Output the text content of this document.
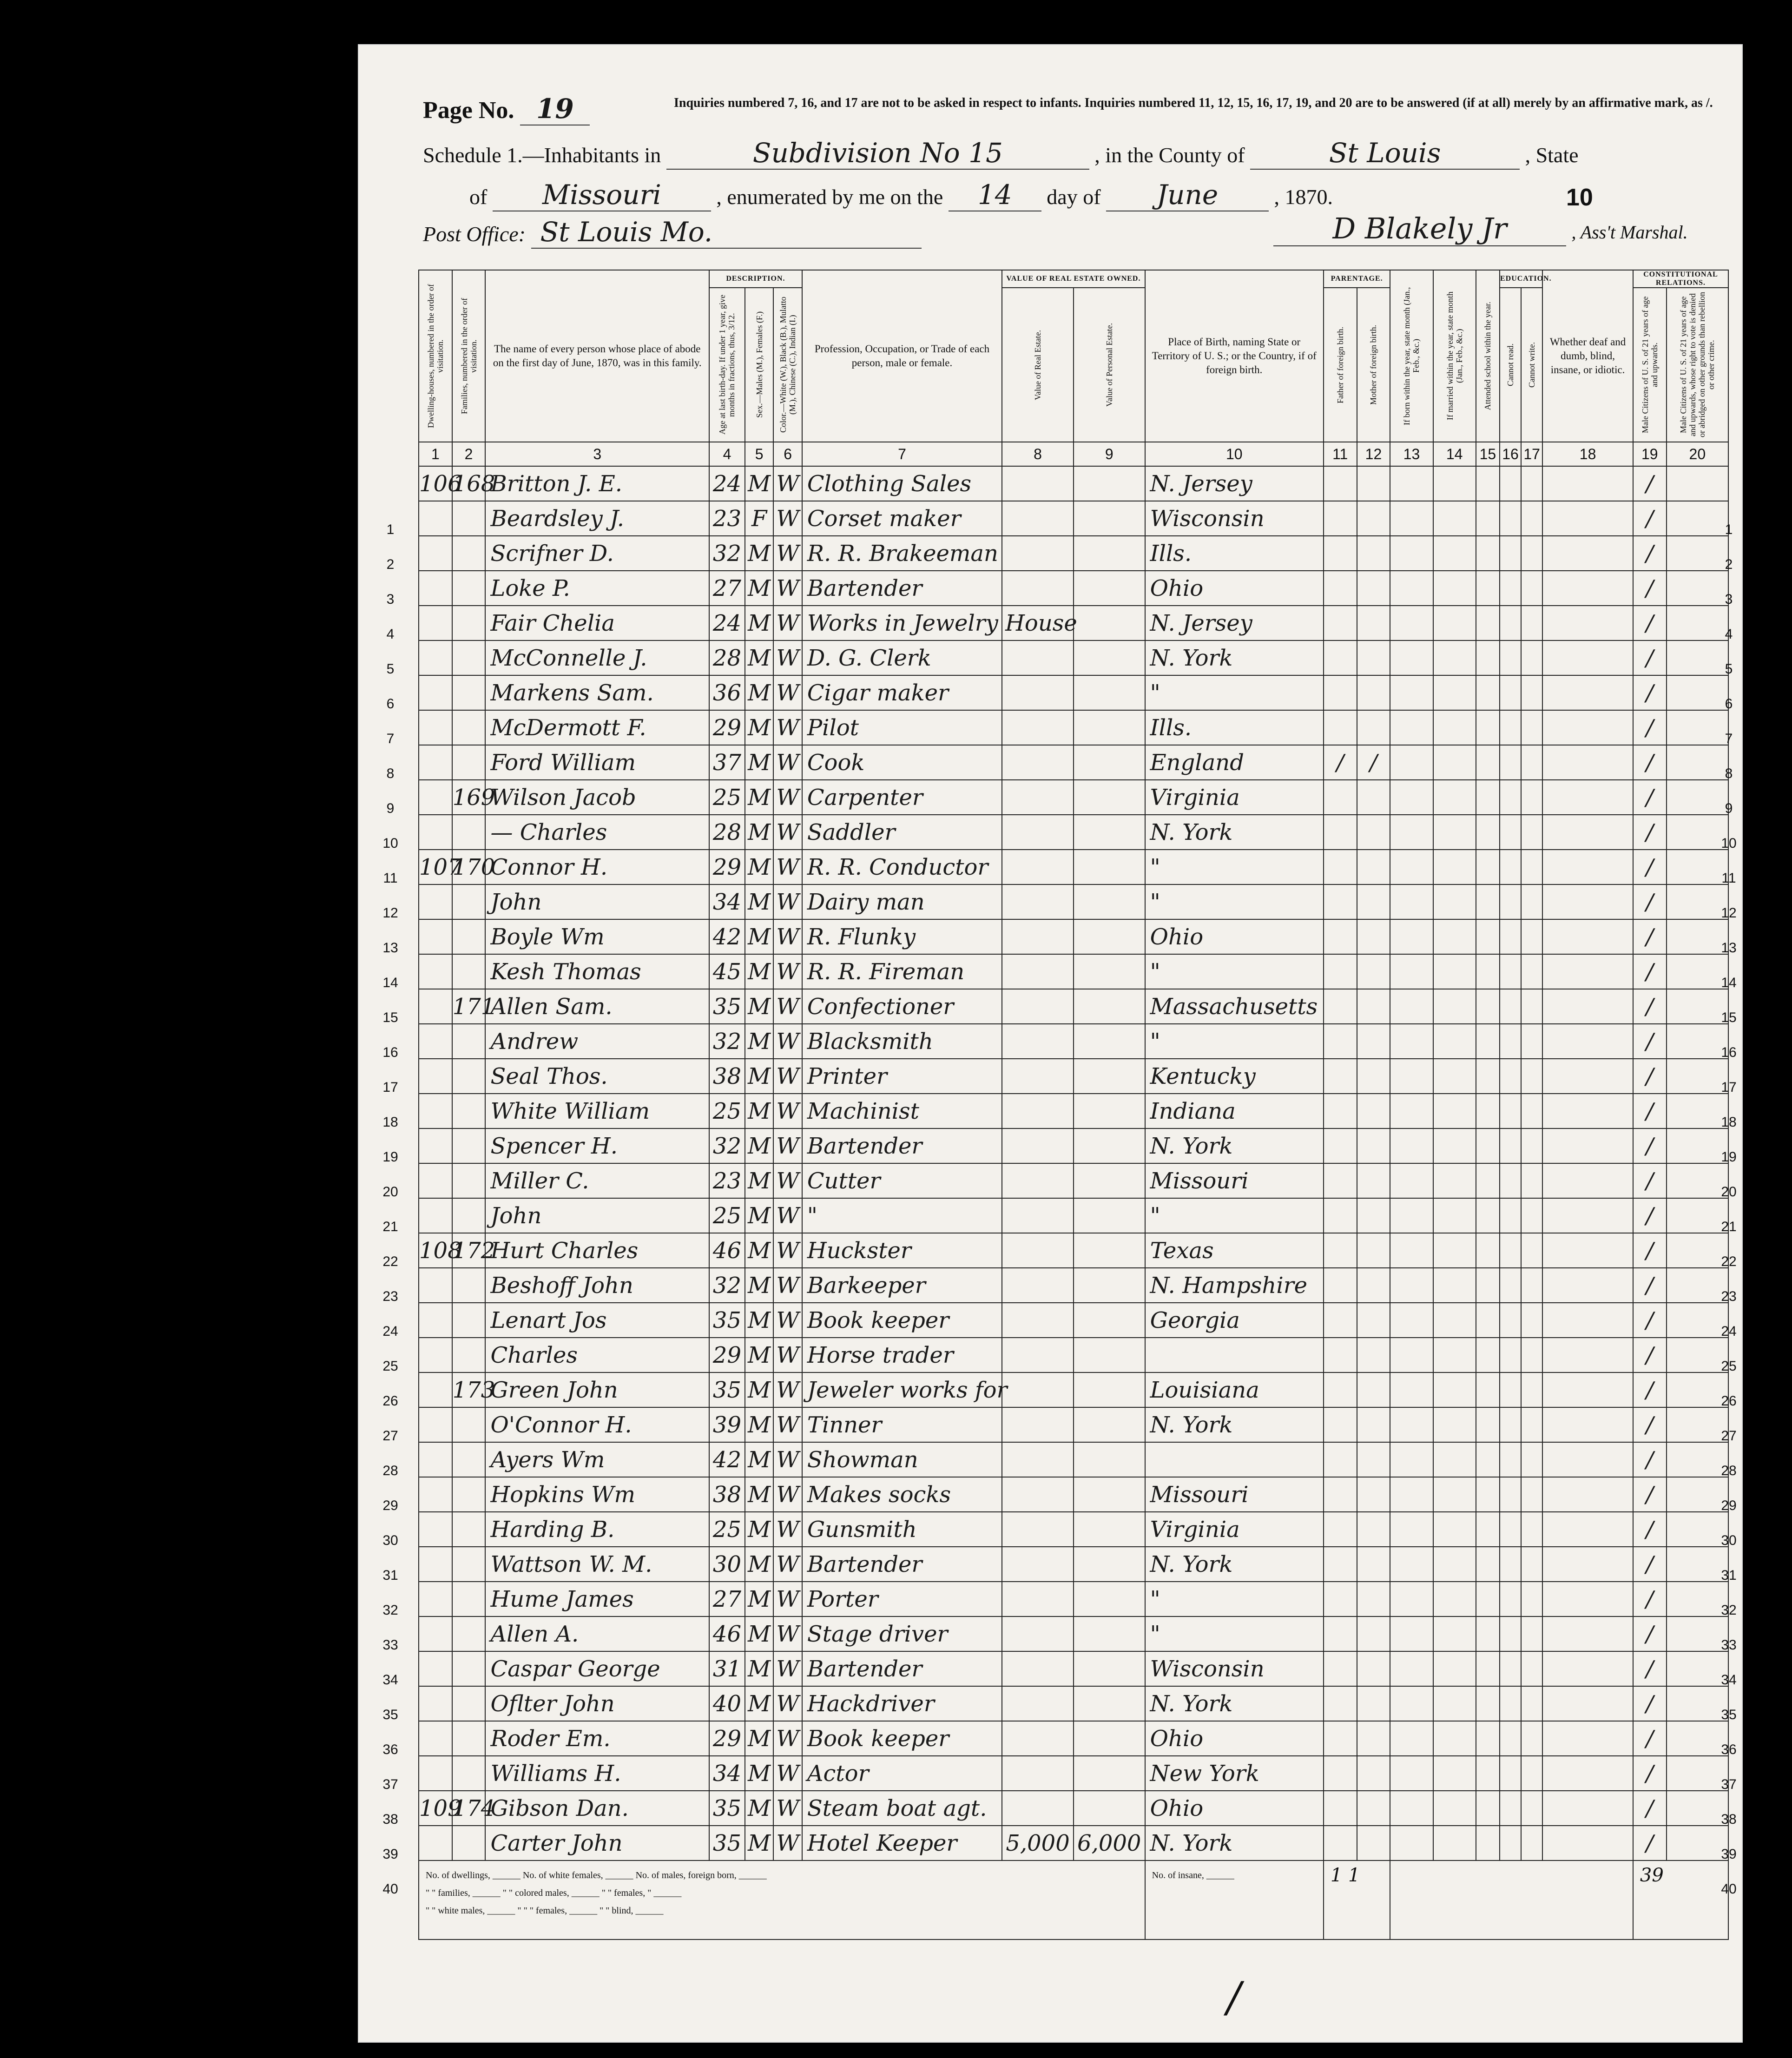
Page No. 19	Inquiries numbered 7, 16, and 17 are not to be asked in respect to infants. Inquiries numbered 11, 12, 15, 16, 17, 19, and 20 are to be answered (if at all) merely by an affirmative mark, as /.
Schedule 1.—Inhabitants in	Subdivision No 15	, in the County of	St Louis	, State
of Missouri	, enumerated by me on the 14 day of June	, 1870.	10
Post Office: St Louis Mo.	D Blakely Jr	, Ass't Marshal.
Dwelling-houses, numbered in the order of visitation.	Families, numbered in the order of visitation.	The name of every person whose place of abode on the first day of June, 1870, was in this family.	DESCRIPTION.			Profession, Occupation, or Trade of each person, male or female.	VALUE OF REAL ESTATE OWNED.		Place of Birth, naming State or Territory of U. S.; or the Country, if of foreign birth.	PARENTAGE.		If born within the year, state month (Jan., Feb., &c.)	If married within the year, state month (Jan., Feb., &c.)	Attended school within the year.	EDUCATION.		Whether deaf and dumb, blind, insane, or idiotic.	CONSTITUTIONAL RELATIONS.	

			Age at last birth-day. If under 1 year, give months in fractions, thus, 3/12.	Sex.—Males (M.), Females (F.)	Color.—White (W.), Black (B.), Mulatto (M.), Chinese (C.), Indian (I.)		Value of Real Estate.	Value of Personal Estate.		Father of foreign birth.	Mother of foreign birth.				Cannot read.	Cannot write.		Male Citizens of U. S. of 21 years of age and upwards.	Male Citizens of U. S. of 21 years of age and upwards, whose right to vote is denied or abridged on other grounds than rebellion or other crime.

1	2	3	4	5	6	7	8	9	10	11	12	13	14	15	16	17	18	19	20
106	168	Britton J. E.	24	M	W	Clothing Sales			N. Jersey									/	
		Beardsley J.	23	F	W	Corset maker			Wisconsin									/	
		Scrifner D.	32	M	W	R. R. Brakeeman			Ills.									/	
		Loke P.	27	M	W	Bartender			Ohio									/	
		Fair Chelia	24	M	W	Works in Jewelry House			N. Jersey									/	
		McConnelle J.	28	M	W	D. G. Clerk			N. York									/	
		Markens Sam.	36	M	W	Cigar maker			"									/	
		McDermott F.	29	M	W	Pilot			Ills.									/	
		Ford William	37	M	W	Cook			England	/	/							/	
	169	Wilson Jacob	25	M	W	Carpenter			Virginia									/	
		— Charles	28	M	W	Saddler			N. York									/	
107	170	Connor H.	29	M	W	R. R. Conductor			"									/	
		John	34	M	W	Dairy man			"									/	
		Boyle Wm	42	M	W	R. Flunky			Ohio									/	
		Kesh Thomas	45	M	W	R. R. Fireman			"									/	
	171	Allen Sam.	35	M	W	Confectioner			Massachusetts									/	
		Andrew	32	M	W	Blacksmith			"									/	
		Seal Thos.	38	M	W	Printer			Kentucky									/	
		White William	25	M	W	Machinist			Indiana									/	
		Spencer H.	32	M	W	Bartender			N. York									/	
		Miller C.	23	M	W	Cutter			Missouri									/	
		John	25	M	W	"			"									/	
108	172	Hurt Charles	46	M	W	Huckster			Texas									/	
		Beshoff John	32	M	W	Barkeeper			N. Hampshire									/	
		Lenart Jos	35	M	W	Book keeper			Georgia									/	
		Charles	29	M	W	Horse trader												/	
	173	Green John	35	M	W	Jeweler works for			Louisiana									/	
		O'Connor H.	39	M	W	Tinner			N. York									/	
		Ayers Wm	42	M	W	Showman												/	
		Hopkins Wm	38	M	W	Makes socks			Missouri									/	
		Harding B.	25	M	W	Gunsmith			Virginia									/	
		Wattson W. M.	30	M	W	Bartender			N. York									/	
		Hume James	27	M	W	Porter			"									/	
		Allen A.	46	M	W	Stage driver			"									/	
		Caspar George	31	M	W	Bartender			Wisconsin									/	
		Oflter John	40	M	W	Hackdriver			N. York									/	
		Roder Em.	29	M	W	Book keeper			Ohio									/	
		Williams H.	34	M	W	Actor			New York									/	
109	174	Gibson Dan.	35	M	W	Steam boat agt.			Ohio									/	
		Carter John	35	M	W	Hotel Keeper	5,000	6,000	N. York									/	

No. of dwellings, ______ No. of white females, ______ No. of males, foreign born, ______
" " families, ______ " " colored males, ______ " " females, " ______
" " white males, ______ " " " females, ______ " " blind, ______									No. of insane, ______	1 1								39	
1
2
3
4
5
6
7
8
9
10
11
12
13
14
15
16
17
18
19
20
21
22
23
24
25
26
27
28
29
30
31
32
33
34
35
36
37
38
39
40
1
2
3
4
5
6
7
8
9
10
11
12
13
14
15
16
17
18
19
20
21
22
23
24
25
26
27
28
29
30
31
32
33
34
35
36
37
38
39
40
/
